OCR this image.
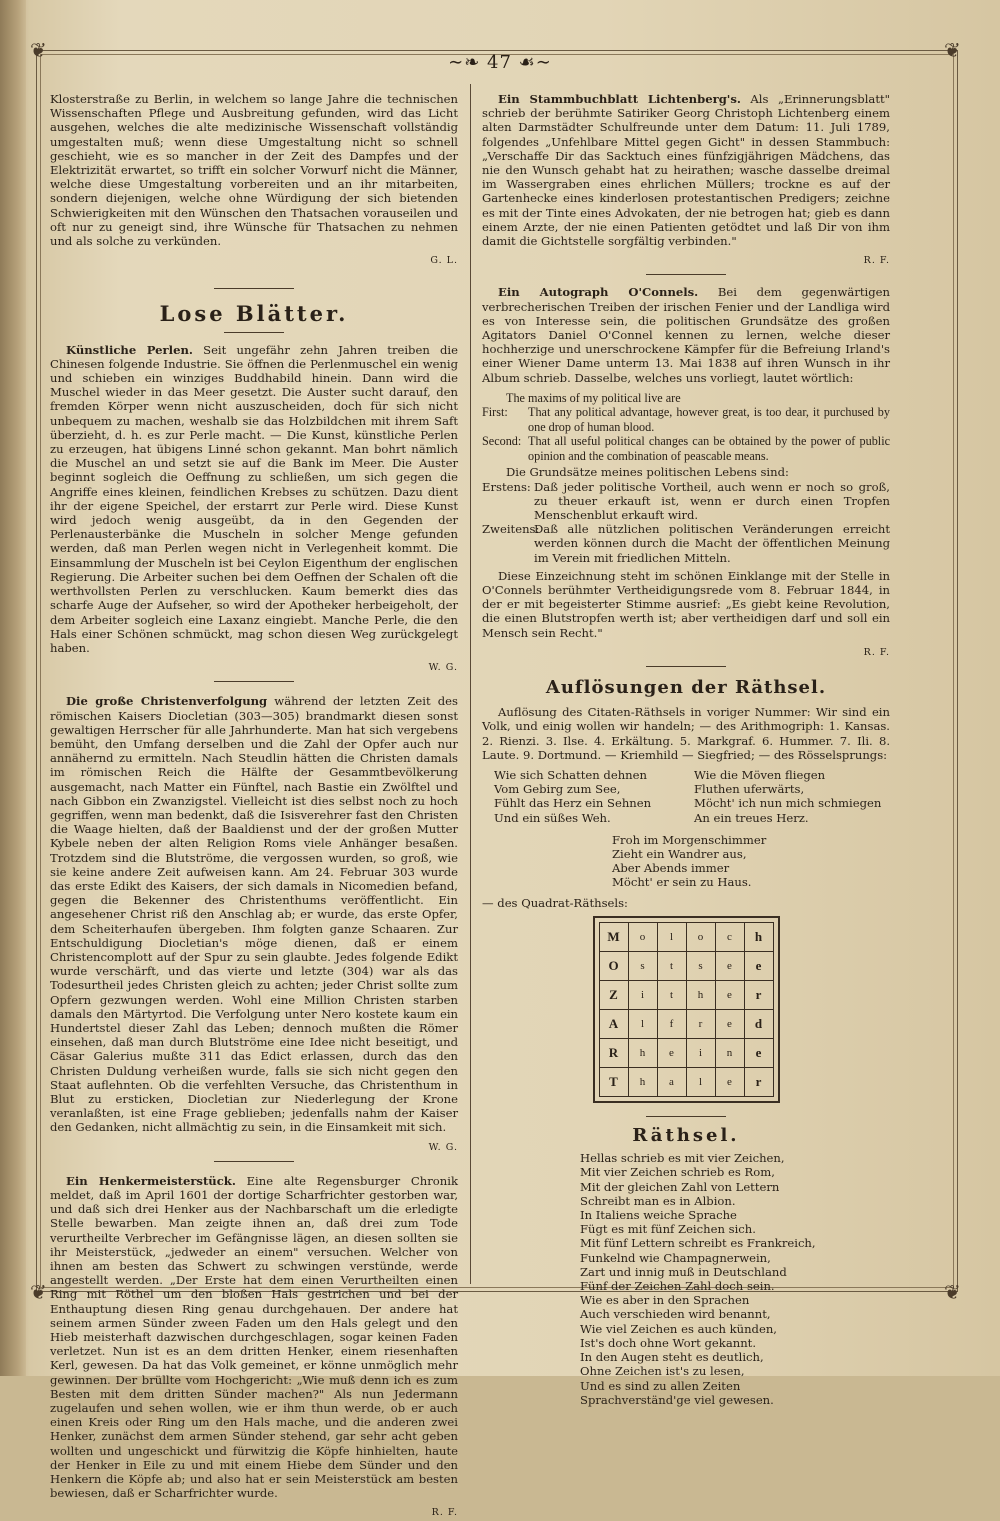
❦	❦
❦	❦
∼❧ 47 ☙∼

Klosterstraße zu Berlin, in welchem so lange Jahre die technischen Wissenschaften Pflege und Ausbreitung gefunden, wird das Licht ausgehen, welches die alte medizinische Wissenschaft vollständig umgestalten muß; wenn diese Umgestaltung nicht so schnell geschieht, wie es so mancher in der Zeit des Dampfes und der Elektrizität erwartet, so trifft ein solcher Vorwurf nicht die Männer, welche diese Umgestaltung vorbereiten und an ihr mitarbeiten, sondern diejenigen, welche ohne Würdigung der sich bietenden Schwierigkeiten mit den Wünschen den Thatsachen vorauseilen und oft nur zu geneigt sind, ihre Wünsche für Thatsachen zu nehmen und als solche zu verkünden.

G. L.
Lose Blätter.

Künstliche Perlen. Seit ungefähr zehn Jahren treiben die Chinesen folgende Industrie. Sie öffnen die Perlenmuschel ein wenig und schieben ein winziges Buddhabild hinein. Dann wird die Muschel wieder in das Meer gesetzt. Die Auster sucht darauf, den fremden Körper wenn nicht auszuscheiden, doch für sich nicht unbequem zu machen, weshalb sie das Holzbildchen mit ihrem Saft überzieht, d. h. es zur Perle macht. — Die Kunst, künstliche Perlen zu erzeugen, hat übigens Linné schon gekannt. Man bohrt nämlich die Muschel an und setzt sie auf die Bank im Meer. Die Auster beginnt sogleich die Oeffnung zu schließen, um sich gegen die Angriffe eines kleinen, feindlichen Krebses zu schützen. Dazu dient ihr der eigene Speichel, der erstarrt zur Perle wird. Diese Kunst wird jedoch wenig ausgeübt, da in den Gegenden der Perlenausterbänke die Muscheln in solcher Menge gefunden werden, daß man Perlen wegen nicht in Verlegenheit kommt. Die Einsammlung der Muscheln ist bei Ceylon Eigenthum der englischen Regierung. Die Arbeiter suchen bei dem Oeffnen der Schalen oft die werthvollsten Perlen zu verschlucken. Kaum bemerkt dies das scharfe Auge der Aufseher, so wird der Apotheker herbeigeholt, der dem Arbeiter sogleich eine Laxanz eingiebt. Manche Perle, die den Hals einer Schönen schmückt, mag schon diesen Weg zurückgelegt haben.

W. G.

Die große Christenverfolgung während der letzten Zeit des römischen Kaisers Diocletian (303—305) brandmarkt diesen sonst gewaltigen Herrscher für alle Jahrhunderte. Man hat sich vergebens bemüht, den Umfang derselben und die Zahl der Opfer auch nur annähernd zu ermitteln. Nach Steudlin hätten die Christen damals im römischen Reich die Hälfte der Gesammtbevölkerung ausgemacht, nach Matter ein Fünftel, nach Bastie ein Zwölftel und nach Gibbon ein Zwanzigstel. Vielleicht ist dies selbst noch zu hoch gegriffen, wenn man bedenkt, daß die Isisverehrer fast den Christen die Waage hielten, daß der Baaldienst und der der großen Mutter Kybele neben der alten Religion Roms viele Anhänger besaßen. Trotzdem sind die Blutströme, die vergossen wurden, so groß, wie sie keine andere Zeit aufweisen kann. Am 24. Februar 303 wurde das erste Edikt des Kaisers, der sich damals in Nicomedien befand, gegen die Bekenner des Christenthums veröffentlicht. Ein angesehener Christ riß den Anschlag ab; er wurde, das erste Opfer, dem Scheiterhaufen übergeben. Ihm folgten ganze Schaaren. Zur Entschuldigung Diocletian's möge dienen, daß er einem Christencomplott auf der Spur zu sein glaubte. Jedes folgende Edikt wurde verschärft, und das vierte und letzte (304) war als das Todesurtheil jedes Christen gleich zu achten; jeder Christ sollte zum Opfern gezwungen werden. Wohl eine Million Christen starben damals den Märtyrtod. Die Verfolgung unter Nero kostete kaum ein Hundertstel dieser Zahl das Leben; dennoch mußten die Römer einsehen, daß man durch Blutströme eine Idee nicht beseitigt, und Cäsar Galerius mußte 311 das Edict erlassen, durch das den Christen Duldung verheißen wurde, falls sie sich nicht gegen den Staat auflehnten. Ob die verfehlten Versuche, das Christenthum in Blut zu ersticken, Diocletian zur Niederlegung der Krone veranlaßten, ist eine Frage geblieben; jedenfalls nahm der Kaiser den Gedanken, nicht allmächtig zu sein, in die Einsamkeit mit sich.

W. G.

Ein Henkermeisterstück. Eine alte Regensburger Chronik meldet, daß im April 1601 der dortige Scharfrichter gestorben war, und daß sich drei Henker aus der Nachbarschaft um die erledigte Stelle bewarben. Man zeigte ihnen an, daß drei zum Tode verurtheilte Verbrecher im Gefängnisse lägen, an diesen sollten sie ihr Meisterstück, „jedweder an einem" versuchen. Welcher von ihnen am besten das Schwert zu schwingen verstünde, werde angestellt werden. „Der Erste hat dem einen Verurtheilten einen Ring mit Röthel um den bloßen Hals gestrichen und bei der Enthauptung diesen Ring genau durchgehauen. Der andere hat seinem armen Sünder zween Faden um den Hals gelegt und den Hieb meisterhaft dazwischen durchgeschlagen, sogar keinen Faden verletzet. Nun ist es an dem dritten Henker, einem riesenhaften Kerl, gewesen. Da hat das Volk gemeinet, er könne unmöglich mehr gewinnen. Der brüllte vom Hochgericht: „Wie muß denn ich es zum Besten mit dem dritten Sünder machen?" Als nun Jedermann zugelaufen und sehen wollen, wie er ihm thun werde, ob er auch einen Kreis oder Ring um den Hals mache, und die anderen zwei Henker, zunächst dem armen Sünder stehend, gar sehr acht geben wollten und ungeschickt und fürwitzig die Köpfe hinhielten, haute der Henker in Eile zu und mit einem Hiebe dem Sünder und den Henkern die Köpfe ab; und also hat er sein Meisterstück am besten bewiesen, daß er Scharfrichter wurde.

R. F.

Ein Stammbuchblatt Lichtenberg's. Als „Erinnerungsblatt" schrieb der berühmte Satiriker Georg Christoph Lichtenberg einem alten Darmstädter Schulfreunde unter dem Datum: 11. Juli 1789, folgendes „Unfehlbare Mittel gegen Gicht" in dessen Stammbuch: „Verschaffe Dir das Sacktuch eines fünfzigjährigen Mädchens, das nie den Wunsch gehabt hat zu heirathen; wasche dasselbe dreimal im Wassergraben eines ehrlichen Müllers; trockne es auf der Gartenhecke eines kinderlosen protestantischen Predigers; zeichne es mit der Tinte eines Advokaten, der nie betrogen hat; gieb es dann einem Arzte, der nie einen Patienten getödtet und laß Dir von ihm damit die Gichtstelle sorgfältig verbinden."

R. F.

Ein Autograph O'Connels. Bei dem gegenwärtigen verbrecherischen Treiben der irischen Fenier und der Landliga wird es von Interesse sein, die politischen Grundsätze des großen Agitators Daniel O'Connel kennen zu lernen, welche dieser hochherzige und unerschrockene Kämpfer für die Befreiung Irland's einer Wiener Dame unterm 13. Mai 1838 auf ihren Wunsch in ihr Album schrieb. Dasselbe, welches uns vorliegt, lautet wörtlich:

The maxims of my political live are
First:	That any political advantage, however great, is too dear, it purchused by one drop of human blood.
Second: That all useful political changes can be obtained by the power of public opinion and the combination of peascable means.
Die Grundsätze meines politischen Lebens sind:
Erstens: Daß jeder politische Vortheil, auch wenn er noch so groß, zu theuer erkauft ist, wenn er durch einen Tropfen Menschenblut erkauft wird.
Zweitens:
Daß alle nützlichen politischen Veränderungen erreicht werden können durch die Macht der öffentlichen Meinung im Verein mit friedlichen Mitteln.

Diese Einzeichnung steht im schönen Einklange mit der Stelle in O'Connels berühmter Vertheidigungsrede vom 8. Februar 1844, in der er mit begeisterter Stimme ausrief: „Es giebt keine Revolution, die einen Blutstropfen werth ist; aber vertheidigen darf und soll ein Mensch sein Recht."

R. F.
Auflösungen der Räthsel.

Auflösung des Citaten-Räthsels in voriger Nummer: Wir sind ein Volk, und einig wollen wir handeln; — des Arithmogriph: 1. Kansas. 2. Rienzi. 3. Ilse. 4. Erkältung. 5. Markgraf. 6. Hummer. 7. Ili. 8. Laute. 9. Dortmund. — Kriemhild — Siegfried; — des Rösselsprungs:

Wie sich Schatten dehnen
Vom Gebirg zum See,
Fühlt das Herz ein Sehnen
Und ein süßes Weh.
Wie die Möven fliegen
Fluthen uferwärts,
Möcht' ich nun mich schmiegen
An ein treues Herz.
Froh im Morgenschimmer
Zieht ein Wandrer aus,
Aber Abends immer
Möcht' er sein zu Haus.
— des Quadrat-Räthsels:
M	o	l	o	c	h
O	s	t	s	e	e
Z	i	t	h	e	r
A	l	f	r	e	d
R	h	e	i	n	e
T	h	a	l	e	r
Räthsel.
Hellas schrieb es mit vier Zeichen,
Mit vier Zeichen schrieb es Rom,
Mit der gleichen Zahl von Lettern
Schreibt man es in Albion.
In Italiens weiche Sprache
Fügt es mit fünf Zeichen sich.
Mit fünf Lettern schreibt es Frankreich,
Funkelnd wie Champagnerwein,
Zart und innig muß in Deutschland
Fünf der Zeichen Zahl doch sein.
Wie es aber in den Sprachen
Auch verschieden wird benannt,
Wie viel Zeichen es auch künden,
Ist's doch ohne Wort gekannt.
In den Augen steht es deutlich,
Ohne Zeichen ist's zu lesen,
Und es sind zu allen Zeiten
Sprachverständ'ge viel gewesen.
